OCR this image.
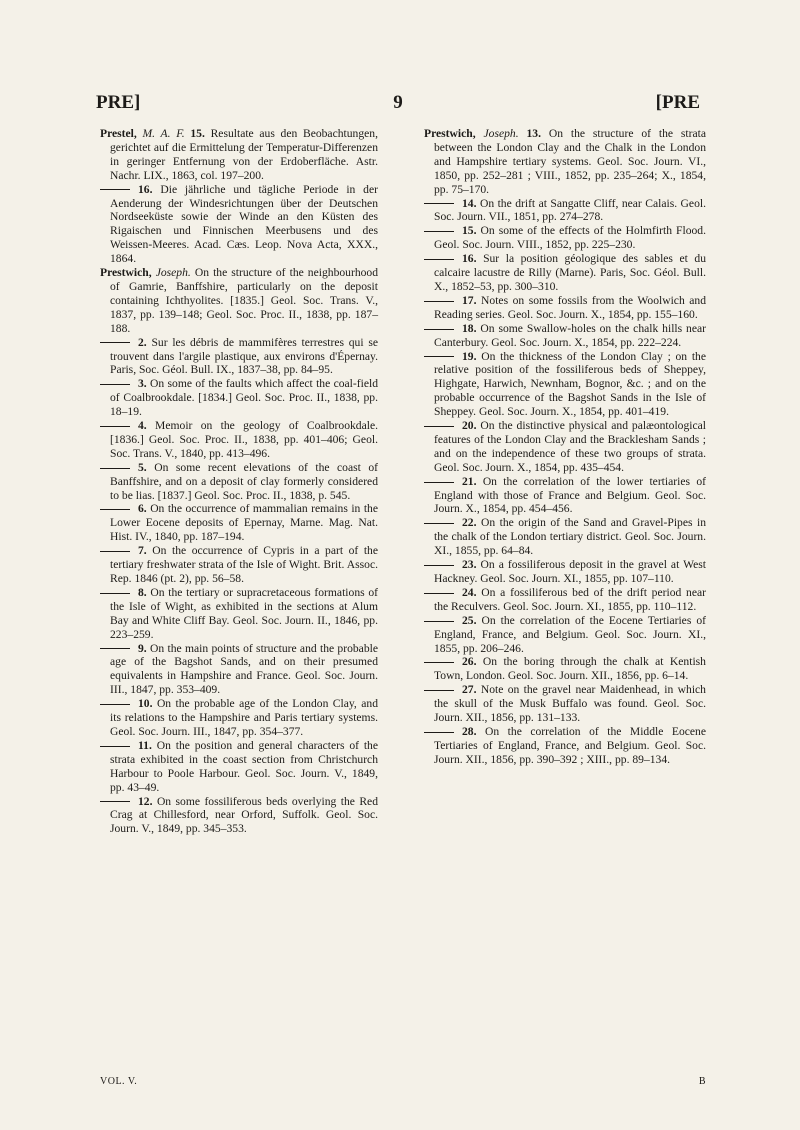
PRE]	9	[PRE

Prestel, M. A. F. 15. Resultate aus den Beobachtungen, gerichtet auf die Ermittelung der Temperatur-Differenzen in geringer Entfernung von der Erdoberfläche. Astr. Nachr. LIX., 1863, col. 197–200.

16. Die jährliche und tägliche Periode in der Aenderung der Windesrichtungen über der Deutschen Nordseeküste sowie der Winde an den Küsten des Rigaischen und Finnischen Meerbusens und des Weissen-Meeres. Acad. Cæs. Leop. Nova Acta, XXX., 1864.

Prestwich, Joseph. On the structure of the neighbourhood of Gamrie, Banffshire, particularly on the deposit containing Ichthyolites. [1835.] Geol. Soc. Trans. V., 1837, pp. 139–148; Geol. Soc. Proc. II., 1838, pp. 187–188.

2. Sur les débris de mammifères terrestres qui se trouvent dans l'argile plastique, aux environs d'Épernay. Paris, Soc. Géol. Bull. IX., 1837–38, pp. 84–95.

3. On some of the faults which affect the coal-field of Coalbrookdale. [1834.] Geol. Soc. Proc. II., 1838, pp. 18–19.

4. Memoir on the geology of Coalbrookdale. [1836.] Geol. Soc. Proc. II., 1838, pp. 401–406; Geol. Soc. Trans. V., 1840, pp. 413–496.

5. On some recent elevations of the coast of Banffshire, and on a deposit of clay formerly considered to be lias. [1837.] Geol. Soc. Proc. II., 1838, p. 545.

6. On the occurrence of mammalian remains in the Lower Eocene deposits of Epernay, Marne. Mag. Nat. Hist. IV., 1840, pp. 187–194.

7. On the occurrence of Cypris in a part of the tertiary freshwater strata of the Isle of Wight. Brit. Assoc. Rep. 1846 (pt. 2), pp. 56–58.

8. On the tertiary or supracretaceous formations of the Isle of Wight, as exhibited in the sections at Alum Bay and White Cliff Bay. Geol. Soc. Journ. II., 1846, pp. 223–259.

9. On the main points of structure and the probable age of the Bagshot Sands, and on their presumed equivalents in Hampshire and France. Geol. Soc. Journ. III., 1847, pp. 353–409.

10. On the probable age of the London Clay, and its relations to the Hampshire and Paris tertiary systems. Geol. Soc. Journ. III., 1847, pp. 354–377.

11. On the position and general characters of the strata exhibited in the coast section from Christchurch Harbour to Poole Harbour. Geol. Soc. Journ. V., 1849, pp. 43–49.

12. On some fossiliferous beds overlying the Red Crag at Chillesford, near Orford, Suffolk. Geol. Soc. Journ. V., 1849, pp. 345–353.

Prestwich, Joseph. 13. On the structure of the strata between the London Clay and the Chalk in the London and Hampshire tertiary systems. Geol. Soc. Journ. VI., 1850, pp. 252–281 ; VIII., 1852, pp. 235–264; X., 1854, pp. 75–170.

14. On the drift at Sangatte Cliff, near Calais. Geol. Soc. Journ. VII., 1851, pp. 274–278.

15. On some of the effects of the Holmfirth Flood. Geol. Soc. Journ. VIII., 1852, pp. 225–230.

16. Sur la position géologique des sables et du calcaire lacustre de Rilly (Marne). Paris, Soc. Géol. Bull. X., 1852–53, pp. 300–310.

17. Notes on some fossils from the Woolwich and Reading series. Geol. Soc. Journ. X., 1854, pp. 155–160.

18. On some Swallow-holes on the chalk hills near Canterbury. Geol. Soc. Journ. X., 1854, pp. 222–224.

19. On the thickness of the London Clay ; on the relative position of the fossiliferous beds of Sheppey, Highgate, Harwich, Newnham, Bognor, &c. ; and on the probable occurrence of the Bagshot Sands in the Isle of Sheppey. Geol. Soc. Journ. X., 1854, pp. 401–419.

20. On the distinctive physical and palæontological features of the London Clay and the Bracklesham Sands ; and on the independence of these two groups of strata. Geol. Soc. Journ. X., 1854, pp. 435–454.

21. On the correlation of the lower tertiaries of England with those of France and Belgium. Geol. Soc. Journ. X., 1854, pp. 454–456.

22. On the origin of the Sand and Gravel-Pipes in the chalk of the London tertiary district. Geol. Soc. Journ. XI., 1855, pp. 64–84.

23. On a fossiliferous deposit in the gravel at West Hackney. Geol. Soc. Journ. XI., 1855, pp. 107–110.

24. On a fossiliferous bed of the drift period near the Reculvers. Geol. Soc. Journ. XI., 1855, pp. 110–112.

25. On the correlation of the Eocene Tertiaries of England, France, and Belgium. Geol. Soc. Journ. XI., 1855, pp. 206–246.

26. On the boring through the chalk at Kentish Town, London. Geol. Soc. Journ. XII., 1856, pp. 6–14.

27. Note on the gravel near Maidenhead, in which the skull of the Musk Buffalo was found. Geol. Soc. Journ. XII., 1856, pp. 131–133.

28. On the correlation of the Middle Eocene Tertiaries of England, France, and Belgium. Geol. Soc. Journ. XII., 1856, pp. 390–392 ; XIII., pp. 89–134.

VOL. V.	B
